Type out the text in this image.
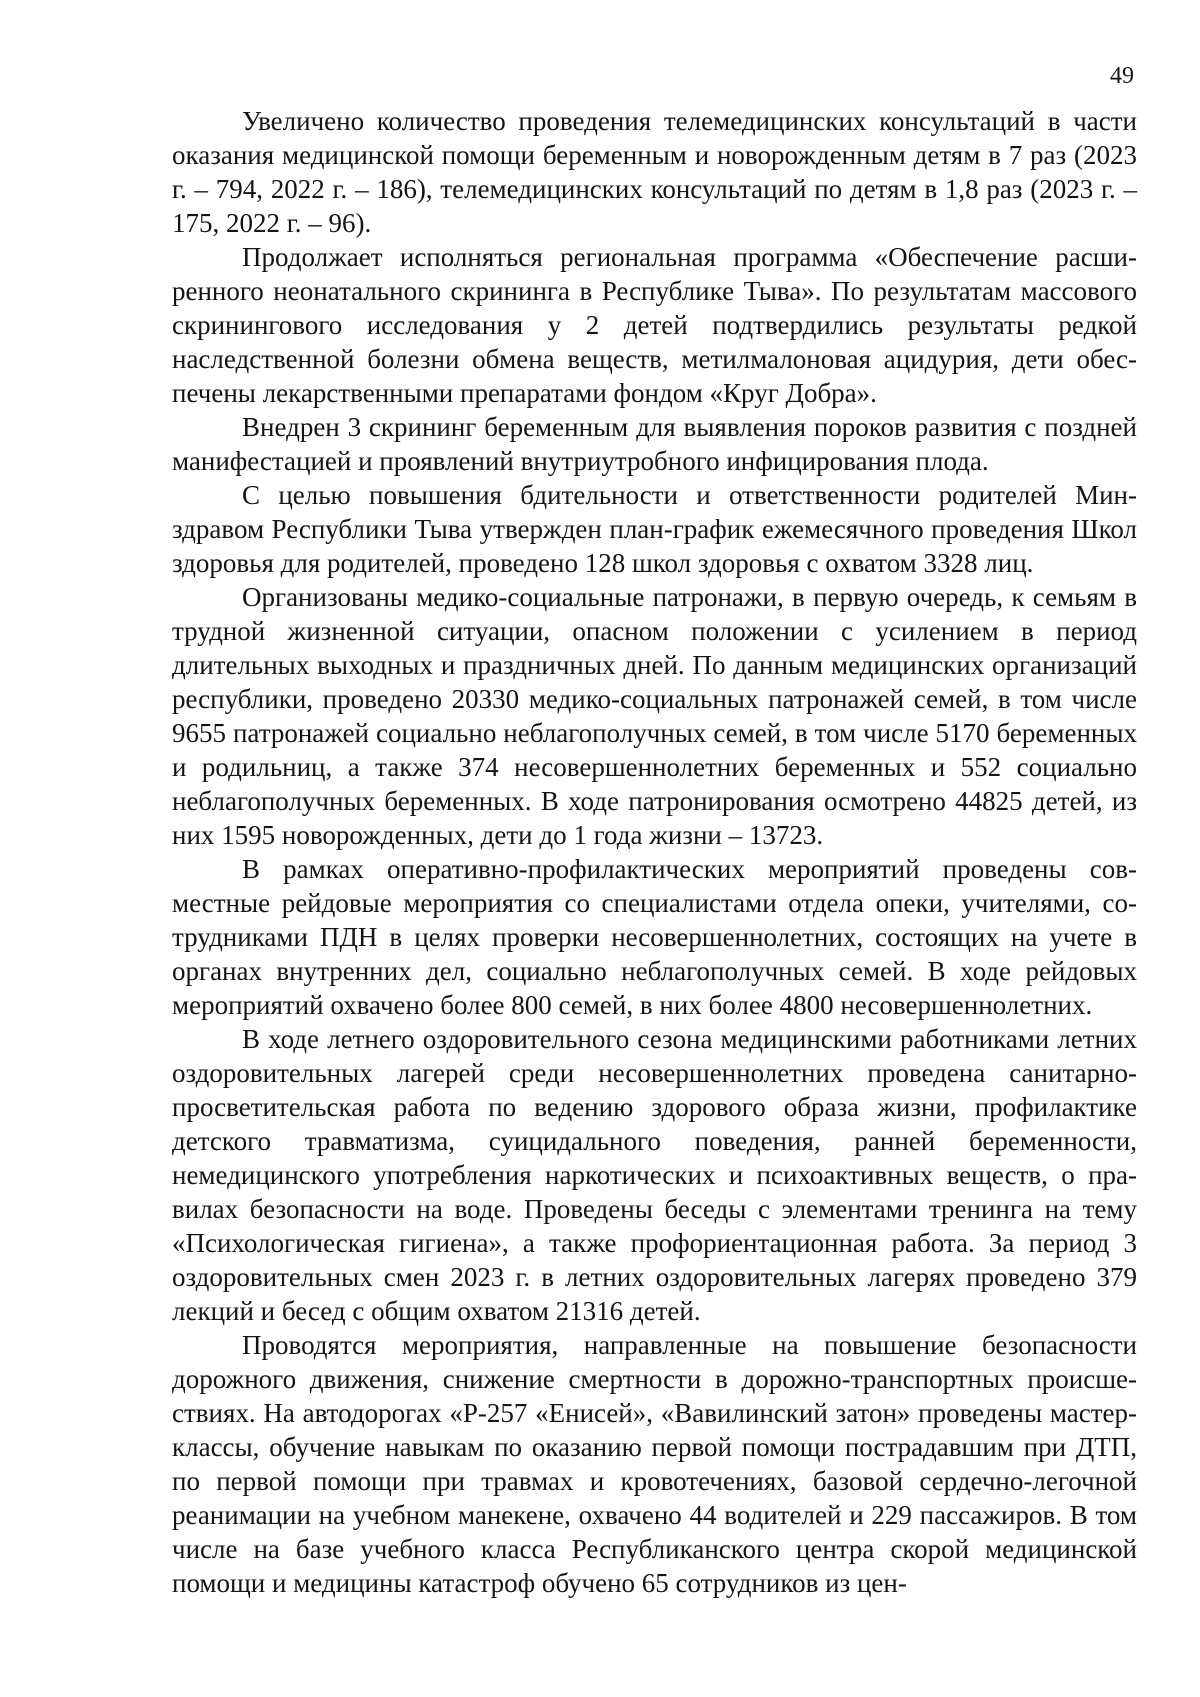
49

Увеличено количество проведения телемедицинских консультаций в части оказания медицинской помощи беременным и новорожденным детям в 7 раз (2023 г. – 794, 2022 г. – 186), телемедицинских консультаций по детям в 1,8 раз (2023 г. – 175, 2022 г. – 96).

Продолжает исполняться региональная программа «Обеспечение расширенного неонатального скрининга в Республике Тыва». По результатам массового скринингового исследования у 2 детей подтвердились результаты редкой наследственной болезни обмена веществ, метилмалоновая ацидурия, дети обеспечены лекарственными препаратами фондом «Круг Добра».

Внедрен 3 скрининг беременным для выявления пороков развития с поздней манифестацией и проявлений внутриутробного инфицирования плода.

С целью повышения бдительности и ответственности родителей Минздравом Республики Тыва утвержден план-график ежемесячного проведения Школ здоровья для родителей, проведено 128 школ здоровья с охватом 3328 лиц.

Организованы медико-социальные патронажи, в первую очередь, к семьям в трудной жизненной ситуации, опасном положении с усилением в период длительных выходных и праздничных дней. По данным медицинских организаций республики, проведено 20330 медико-социальных патронажей семей, в том числе 9655 патронажей социально неблагополучных семей, в том числе 5170 беременных и родильниц, а также 374 несовершеннолетних беременных и 552 социально неблагополучных беременных. В ходе патронирования осмотрено 44825 детей, из них 1595 новорожденных, дети до 1 года жизни – 13723.

В рамках оперативно-профилактических мероприятий проведены совместные рейдовые мероприятия со специалистами отдела опеки, учителями, сотрудниками ПДН в целях проверки несовершеннолетних, состоящих на учете в органах внутренних дел, социально неблагополучных семей. В ходе рейдовых мероприятий охвачено более 800 семей, в них более 4800 несовершеннолетних.

В ходе летнего оздоровительного сезона медицинскими работниками летних оздоровительных лагерей среди несовершеннолетних проведена санитарно-просветительская работа по ведению здорового образа жизни, профилактике детского травматизма, суицидального поведения, ранней беременности, немедицинского употребления наркотических и психоактивных веществ, о правилах безопасности на воде. Проведены беседы с элементами тренинга на тему «Психологическая гигиена», а также профориентационная работа. За период 3 оздоровительных смен 2023 г. в летних оздоровительных лагерях проведено 379 лекций и бесед с общим охватом 21316 детей.

Проводятся мероприятия, направленные на повышение безопасности дорожного движения, снижение смертности в дорожно-транспортных происшествиях. На автодорогах «Р-257 «Енисей», «Вавилинский затон» проведены мастер-классы, обучение навыкам по оказанию первой помощи пострадавшим при ДТП, по первой помощи при травмах и кровотечениях, базовой сердечно-легочной реанимации на учебном манекене, охвачено 44 водителей и 229 пассажиров. В том числе на базе учебного класса Республиканского центра скорой медицинской помощи и медицины катастроф обучено 65 сотрудников из цен-
